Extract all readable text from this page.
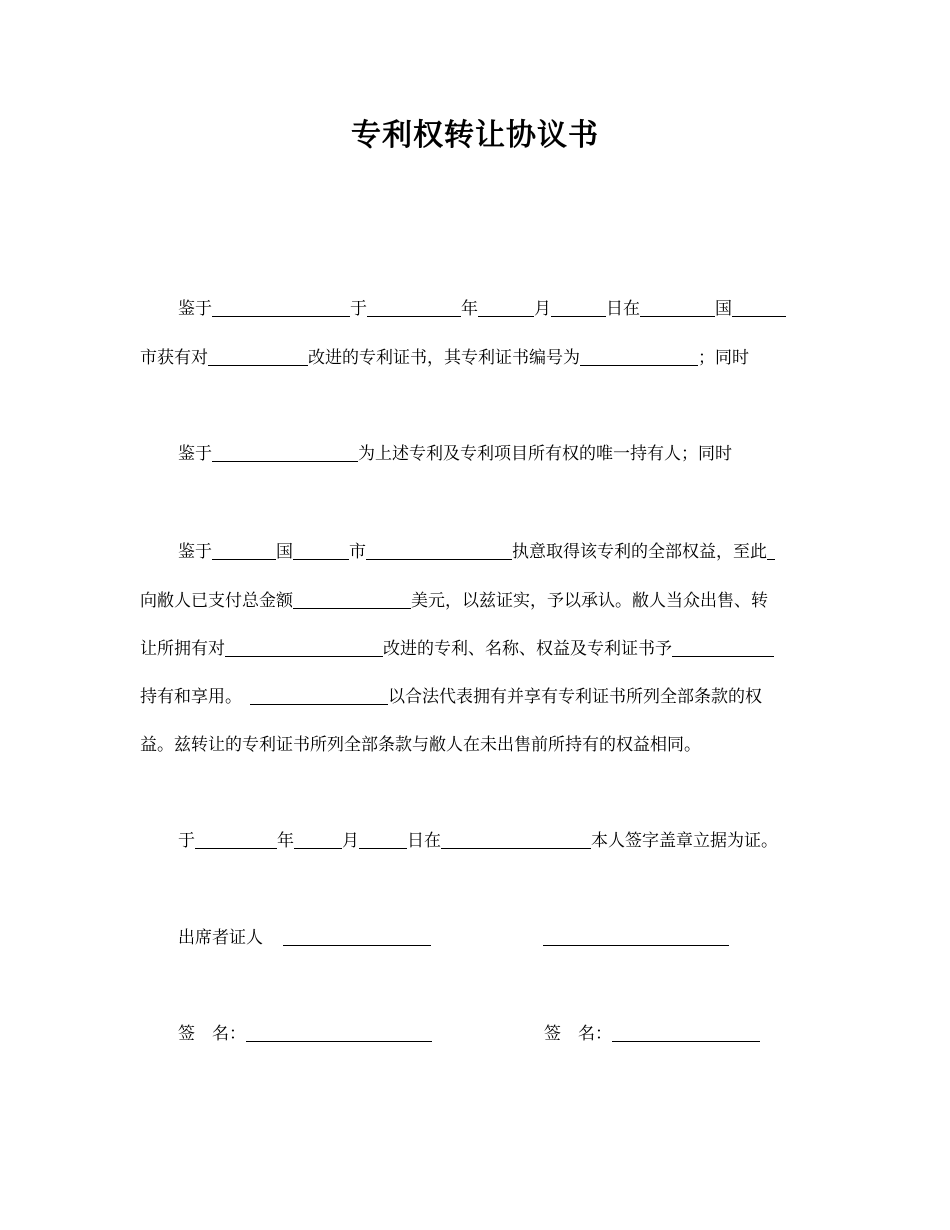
专利权转让协议书
鉴于	于	年	月	日在	国
市获有对	改进的专利证书，其专利证书编号为	；同时
鉴于	为上述专利及专利项目所有权的唯一持有人；同时
鉴于	国	市	执意取得该专利的全部权益，至此
向敝人已支付总金额	美元，以兹证实，予以承认。敝人当众出售、转
让所拥有对	改进的专利、名称、权益及专利证书予
持有和享用。	以合法代表拥有并享有专利证书所列全部条款的权
益。兹转让的专利证书所列全部条款与敝人在未出售前所持有的权益相同。
于	年	月	日在	本人签字盖章立据为证。
出席者证人
签　名：	签　名：
